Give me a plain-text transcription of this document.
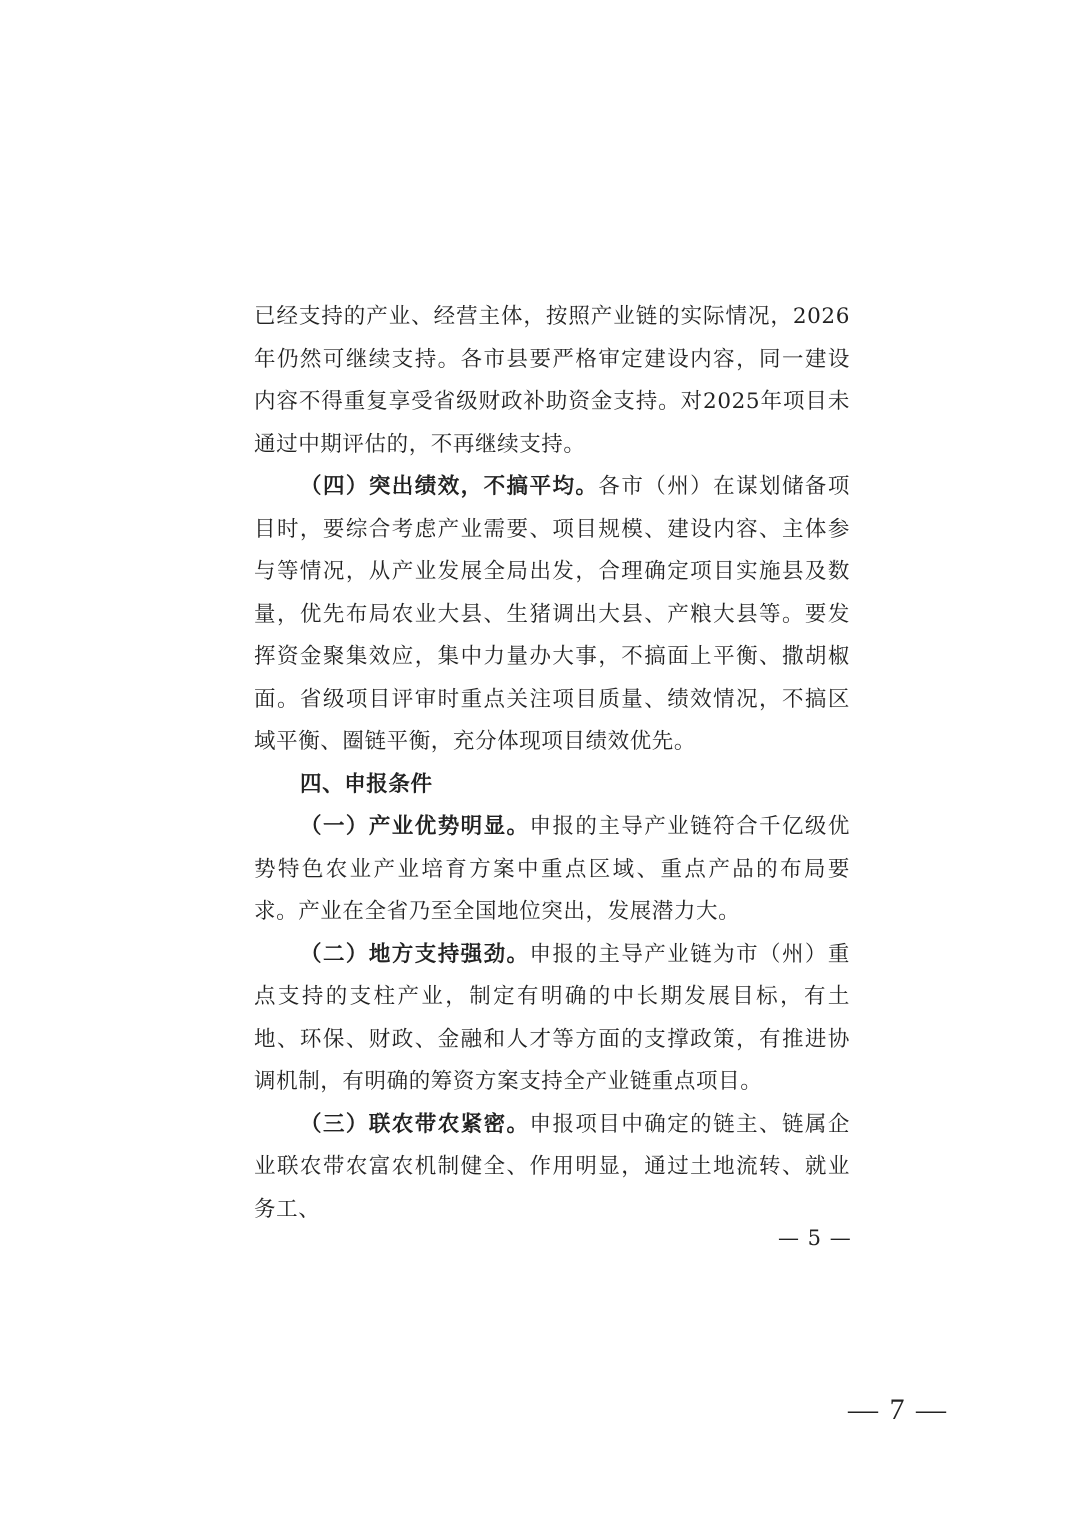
已经支持的产业、经营主体，按照产业链的实际情况，2026年仍然可继续支持。各市县要严格审定建设内容，同一建设内容不得重复享受省级财政补助资金支持。对2025年项目未通过中期评估的，不再继续支持。

（四）突出绩效，不搞平均。各市（州）在谋划储备项目时，要综合考虑产业需要、项目规模、建设内容、主体参与等情况，从产业发展全局出发，合理确定项目实施县及数量，优先布局农业大县、生猪调出大县、产粮大县等。要发挥资金聚集效应，集中力量办大事，不搞面上平衡、撒胡椒面。省级项目评审时重点关注项目质量、绩效情况，不搞区域平衡、圈链平衡，充分体现项目绩效优先。

四、申报条件

（一）产业优势明显。申报的主导产业链符合千亿级优势特色农业产业培育方案中重点区域、重点产品的布局要求。产业在全省乃至全国地位突出，发展潜力大。

（二）地方支持强劲。申报的主导产业链为市（州）重点支持的支柱产业，制定有明确的中长期发展目标，有土地、环保、财政、金融和人才等方面的支撑政策，有推进协调机制，有明确的筹资方案支持全产业链重点项目。

（三）联农带农紧密。申报项目中确定的链主、链属企业联农带农富农机制健全、作用明显，通过土地流转、就业务工、

— 5 —
— 7 —
